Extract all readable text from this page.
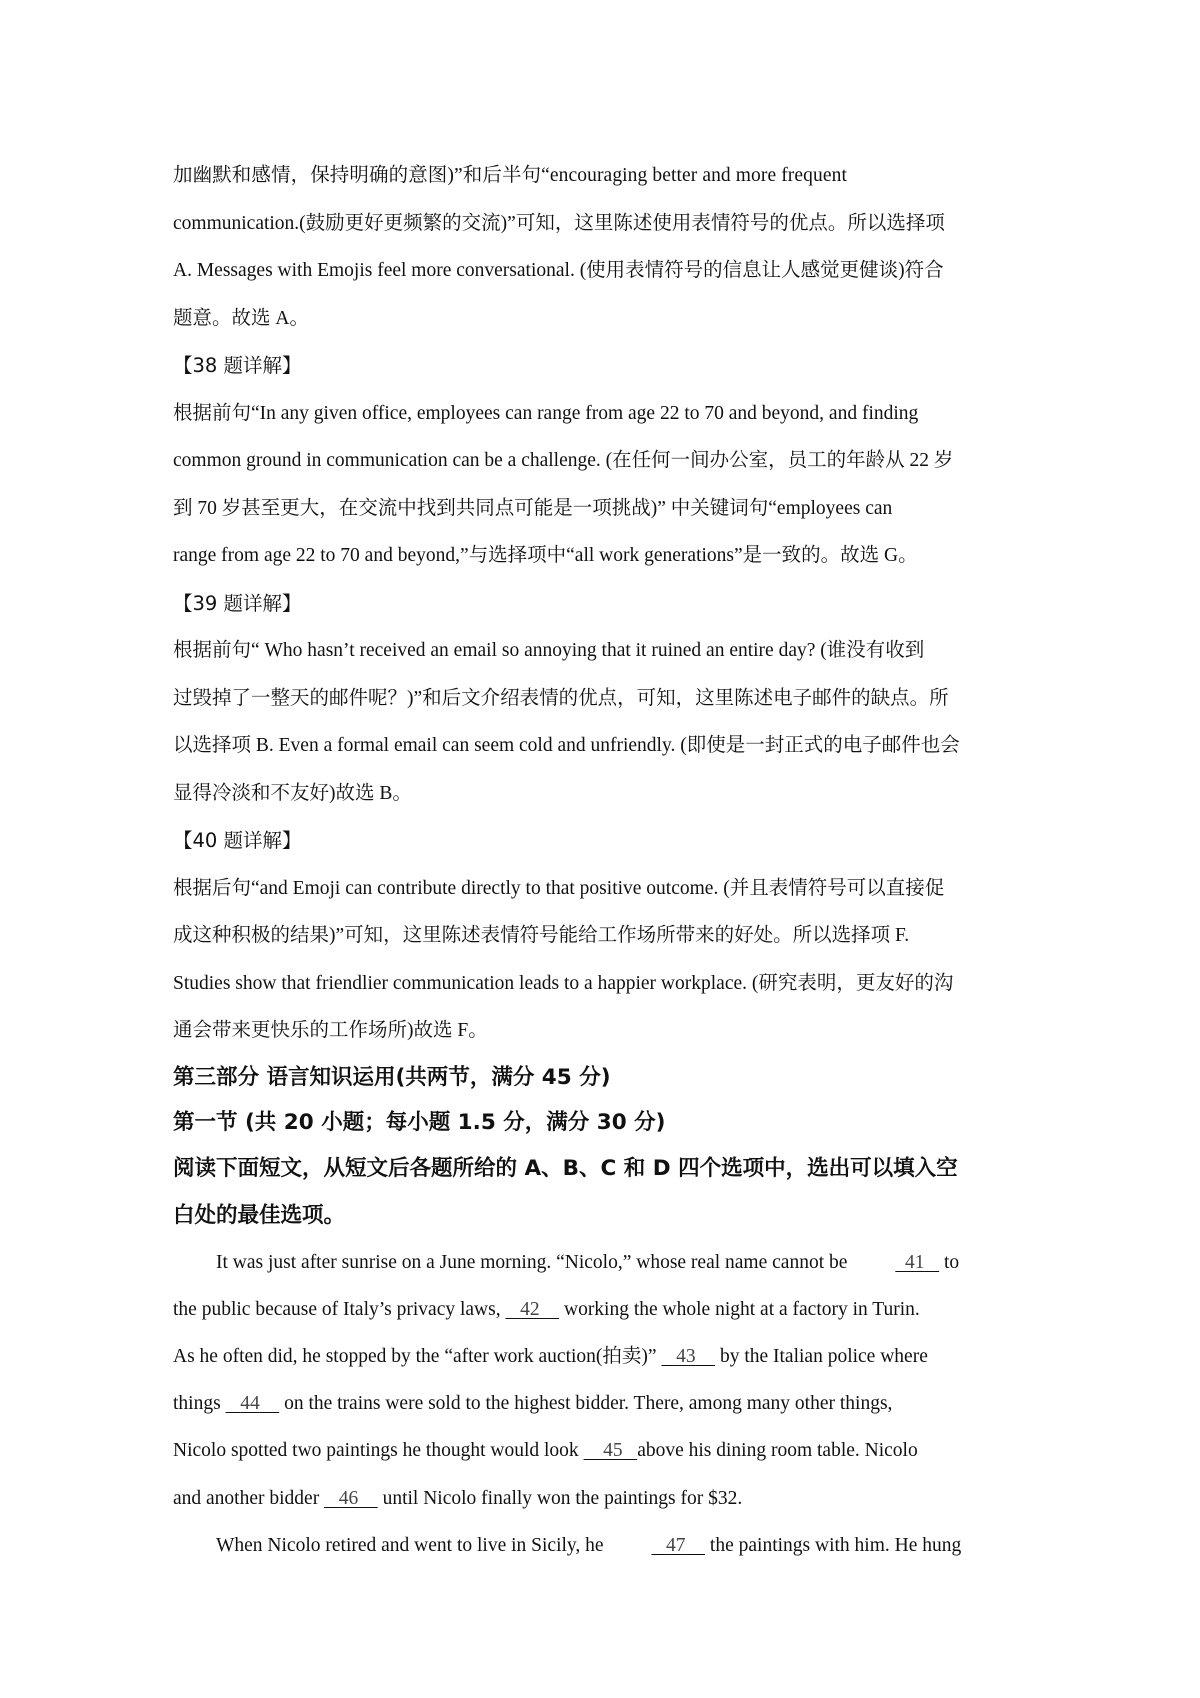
加幽默和感情，保持明确的意图)”和后半句“encouraging better and more frequent

communication.(鼓励更好更频繁的交流)”可知，这里陈述使用表情符号的优点。所以选择项

A. Messages with Emojis feel more conversational. (使用表情符号的信息让人感觉更健谈)符合

题意。故选 A。

【38 题详解】

根据前句“In any given office, employees can range from age 22 to 70 and beyond, and finding

common ground in communication can be a challenge. (在任何一间办公室，员工的年龄从 22 岁

到 70 岁甚至更大，在交流中找到共同点可能是一项挑战)” 中关键词句“employees can

range from age 22 to 70 and beyond,”与选择项中“all work generations”是一致的。故选 G。

【39 题详解】

根据前句“ Who hasn’t received an email so annoying that it ruined an entire day? (谁没有收到

过毁掉了一整天的邮件呢？)”和后文介绍表情的优点，可知，这里陈述电子邮件的缺点。所

以选择项 B. Even a formal email can seem cold and unfriendly. (即使是一封正式的电子邮件也会

显得冷淡和不友好)故选 B。

【40 题详解】

根据后句“and Emoji can contribute directly to that positive outcome. (并且表情符号可以直接促

成这种积极的结果)”可知，这里陈述表情符号能给工作场所带来的好处。所以选择项 F.

Studies show that friendlier communication leads to a happier workplace. (研究表明，更友好的沟

通会带来更快乐的工作场所)故选 F。

第三部分 语言知识运用(共两节，满分 45 分)

第一节 (共 20 小题；每小题 1.5 分，满分 30 分)

阅读下面短文，从短文后各题所给的 A、B、C 和 D 四个选项中，选出可以填入空

白处的最佳选项。

It was just after sunrise on a June morning. “Nicolo,” whose real name cannot be	41    to

the public because of Italy’s privacy laws,    42     working the whole night at a factory in Turin.

As he often did, he stopped by the “after work auction(拍卖)”    43     by the Italian police where

things    44     on the trains were sold to the highest bidder. There, among many other things,

Nicolo spotted two paintings he thought would look     45 above his dining room table. Nicolo

and another bidder    46     until Nicolo finally won the paintings for $32.

When Nicolo retired and went to live in Sicily, he	47     the paintings with him. He hung
